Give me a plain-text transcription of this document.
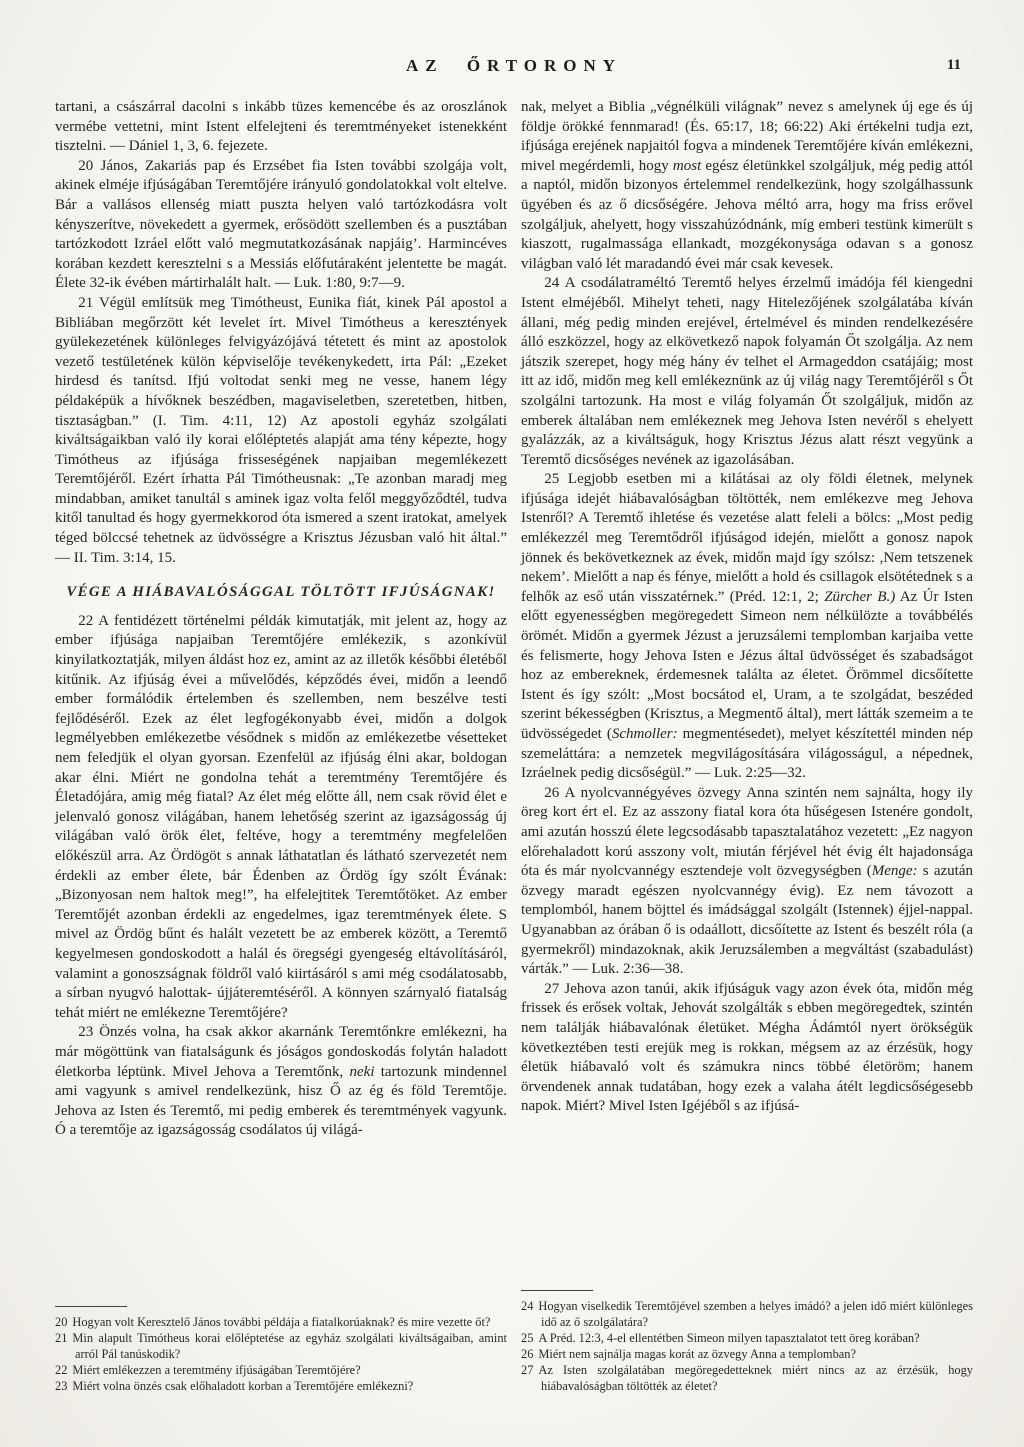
AZ ŐRTORONY	11

tartani, a császárral dacolni s inkább tüzes kemencébe és az oroszlánok vermébe vettetni, mint Istent elfelejteni és teremtményeket istenekként tisztelni. — Dániel 1, 3, 6. fejezete.

20 János, Zakariás pap és Erzsébet fia Isten további szolgája volt, akinek elméje ifjúságában Teremtőjére irányuló gondolatokkal volt eltelve. Bár a vallásos ellenség miatt puszta helyen való tartózkodásra volt kényszerítve, növekedett a gyermek, erősödött szellemben és a pusztában tartózkodott Izráel előtt való megmutatkozásának napjáig’. Harmincéves korában kezdett keresztelni s a Messiás előfutáraként jelentette be magát. Élete 32-ik évében mártirhalált halt. — Luk. 1:80, 9:7—9.

21 Végül említsük meg Timótheust, Eunika fiát, kinek Pál apostol a Bibliában megőrzött két levelet írt. Mivel Timótheus a keresztények gyülekezetének különleges felvigyázójává tétetett és mint az apostolok vezető testületének külön képviselője tevékenykedett, irta Pál: „Ezeket hirdesd és tanítsd. Ifjú voltodat senki meg ne vesse, hanem légy példaképük a hívőknek beszédben, magaviseletben, szeretetben, hitben, tisztaságban.” (I. Tim. 4:11, 12) Az apostoli egyház szolgálati kiváltságaikban való ily korai előléptetés alapját ama tény képezte, hogy Timótheus az ifjúsága frisseségének napjaiban megemlékezett Teremtőjéről. Ezért írhatta Pál Timótheusnak: „Te azonban maradj meg mindabban, amiket tanultál s aminek igaz volta felől meggyőződtél, tudva kitől tanultad és hogy gyermekkorod óta ismered a szent iratokat, amelyek téged bölccsé tehetnek az üdvösségre a Krisztus Jézusban való hit által.” — II. Tim. 3:14, 15.

VÉGE A HIÁBAVALÓSÁGGAL TÖLTÖTT IFJÚSÁGNAK!

22 A fentidézett történelmi példák kimutatják, mit jelent az, hogy az ember ifjúsága napjaiban Teremtőjére emlékezik, s azonkívül kinyilatkoztatják, milyen áldást hoz ez, amint az az illetők későbbi életéből kitűnik. Az ifjúság évei a művelődés, képződés évei, midőn a leendő ember formálódik értelemben és szellemben, nem beszélve testi fejlődéséről. Ezek az élet legfogékonyabb évei, midőn a dolgok legmélyebben emlékezetbe vésődnek s midőn az emlékezetbe vésetteket nem feledjük el olyan gyorsan. Ezenfelül az ifjúság élni akar, boldogan akar élni. Miért ne gondolna tehát a teremtmény Teremtőjére és Életadójára, amig még fiatal? Az élet még előtte áll, nem csak rövid élet e jelenvaló gonosz világában, hanem lehetőség szerint az igazságosság új világában való örök élet, feltéve, hogy a teremtmény megfelelően előkészül arra. Az Ördögöt s annak láthatatlan és látható szervezetét nem érdekli az ember élete, bár Édenben az Ördög így szólt Évának: „Bizonyosan nem haltok meg!”, ha elfelejtitek Teremtőtöket. Az ember Teremtőjét azonban érdekli az engedelmes, igaz teremtmények élete. S mivel az Ördög bűnt és halált vezetett be az emberek között, a Teremtő kegyelmesen gondoskodott a halál és öregségi gyengeség eltávolításáról, valamint a gonoszságnak földről való kiirtásáról s ami még csodálatosabb, a sírban nyugvó halottak- újjáteremtéséről. A könnyen szárnyaló fiatalság tehát miért ne emlékezne Teremtőjére?

23 Önzés volna, ha csak akkor akarnánk Teremtőnkre emlékezni, ha már mögöttünk van fiatalságunk és jóságos gondoskodás folytán haladott életkorba léptünk. Mivel Jehova a Teremtőnk, neki tartozunk mindennel ami vagyunk s amivel rendelkezünk, hisz Ő az ég és föld Teremtője. Jehova az Isten és Teremtő, mi pedig emberek és teremtmények vagyunk. Ó a teremtője az igazságosság csodálatos új világá-

20 Hogyan volt Keresztelő János további példája a fiatalkorúaknak? és mire vezette őt?

21 Min alapult Timótheus korai előléptetése az egyház szolgálati kiváltságaiban, amint arról Pál tanúskodik?

22 Miért emlékezzen a teremtmény ifjúságában Teremtőjére?

23 Miért volna önzés csak előhaladott korban a Teremtőjére emlékezni?

nak, melyet a Biblia „végnélküli világnak” nevez s amelynek új ege és új földje örökké fennmarad! (És. 65:17, 18; 66:22) Aki értékelni tudja ezt, ifjúsága erejének napjaitól fogva a mindenek Teremtőjére kíván emlékezni, mivel megérdemli, hogy most egész életünkkel szolgáljuk, még pedig attól a naptól, midőn bizonyos értelemmel rendelkezünk, hogy szolgálhassunk ügyében és az ő dicsőségére. Jehova méltó arra, hogy ma friss erővel szolgáljuk, ahelyett, hogy visszahúzódnánk, míg emberi testünk kimerült s kiaszott, rugalmassága ellankadt, mozgékonysága odavan s a gonosz világban való lét maradandó évei már csak kevesek.

24 A csodálatraméltó Teremtő helyes érzelmű imádója fél kiengedni Istent elméjéből. Mihelyt teheti, nagy Hitelezőjének szolgálatába kíván állani, még pedig minden erejével, értelmével és minden rendelkezésére álló eszközzel, hogy az elkövetkező napok folyamán Őt szolgálja. Az nem játszik szerepet, hogy még hány év telhet el Armageddon csatájáig; most itt az idő, midőn meg kell emlékeznünk az új világ nagy Teremtőjéről s Őt szolgálni tartozunk. Ha most e világ folyamán Őt szolgáljuk, midőn az emberek általában nem emlékeznek meg Jehova Isten nevéről s ehelyett gyalázzák, az a kiváltságuk, hogy Krisztus Jézus alatt részt vegyünk a Teremtő dicsőséges nevének az igazolásában.

25 Legjobb esetben mi a kilátásai az oly földi életnek, melynek ifjúsága idejét hiábavalóságban töltötték, nem emlékezve meg Jehova Istenről? A Teremtő ihletése és vezetése alatt feleli a bölcs: „Most pedig emlékezzél meg Teremtődről ifjúságod idején, mielőtt a gonosz napok jönnek és bekövetkeznek az évek, midőn majd így szólsz: ,Nem tetszenek nekem’. Mielőtt a nap és fénye, mielőtt a hold és csillagok elsötétednek s a felhők az eső után visszatérnek.” (Préd. 12:1, 2; Zürcher B.) Az Úr Isten előtt egyenességben megöregedett Simeon nem nélkülözte a továbbélés örömét. Midőn a gyermek Jézust a jeruzsálemi templomban karjaiba vette és felismerte, hogy Jehova Isten e Jézus által üdvösséget és szabadságot hoz az embereknek, érdemesnek találta az életet. Örömmel dicsőítette Istent és így szólt: „Most bocsátod el, Uram, a te szolgádat, beszéded szerint békességben (Krisztus, a Megmentő által), mert látták szemeim a te üdvösségedet (Schmoller: megmentésedet), melyet készítettél minden nép szemeláttára: a nemzetek megvilágosítására világosságul, a népednek, Izráelnek pedig dicsőségül.” — Luk. 2:25—32.

26 A nyolcvannégyéves özvegy Anna szintén nem sajnálta, hogy ily öreg kort ért el. Ez az asszony fiatal kora óta hűségesen Istenére gondolt, ami azután hosszú élete legcsodásabb tapasztalatához vezetett: „Ez nagyon előrehaladott korú asszony volt, miután férjével hét évig élt hajadonsága óta és már nyolcvannégy esztendeje volt özvegységben (Menge: s azután özvegy maradt egészen nyolcvannégy évig). Ez nem távozott a templomból, hanem böjttel és imádsággal szolgált (Istennek) éjjel-nappal. Ugyanabban az órában ő is odaállott, dicsőítette az Istent és beszélt róla (a gyermekről) mindazoknak, akik Jeruzsálemben a megváltást (szabadulást) várták.” — Luk. 2:36—38.

27 Jehova azon tanúi, akik ifjúságuk vagy azon évek óta, midőn még frissek és erősek voltak, Jehovát szolgálták s ebben megöregedtek, szintén nem találják hiábavalónak életüket. Mégha Ádámtól nyert örökségük következtében testi erejük meg is rokkan, mégsem az az érzésük, hogy életük hiábavaló volt és számukra nincs többé életöröm; hanem örvendenek annak tudatában, hogy ezek a valaha átélt legdicsőségesebb napok. Miért? Mivel Isten Igéjéből s az ifjúsá-

24 Hogyan viselkedik Teremtőjével szemben a helyes imádó? a jelen idő miért különleges idő az ő szolgálatára?

25 A Préd. 12:3, 4-el ellentétben Simeon milyen tapasztalatot tett öreg korában?

26 Miért nem sajnálja magas korát az özvegy Anna a templomban?

27 Az Isten szolgálatában megöregedetteknek miért nincs az az érzésük, hogy hiábavalóságban töltötték az életet?
